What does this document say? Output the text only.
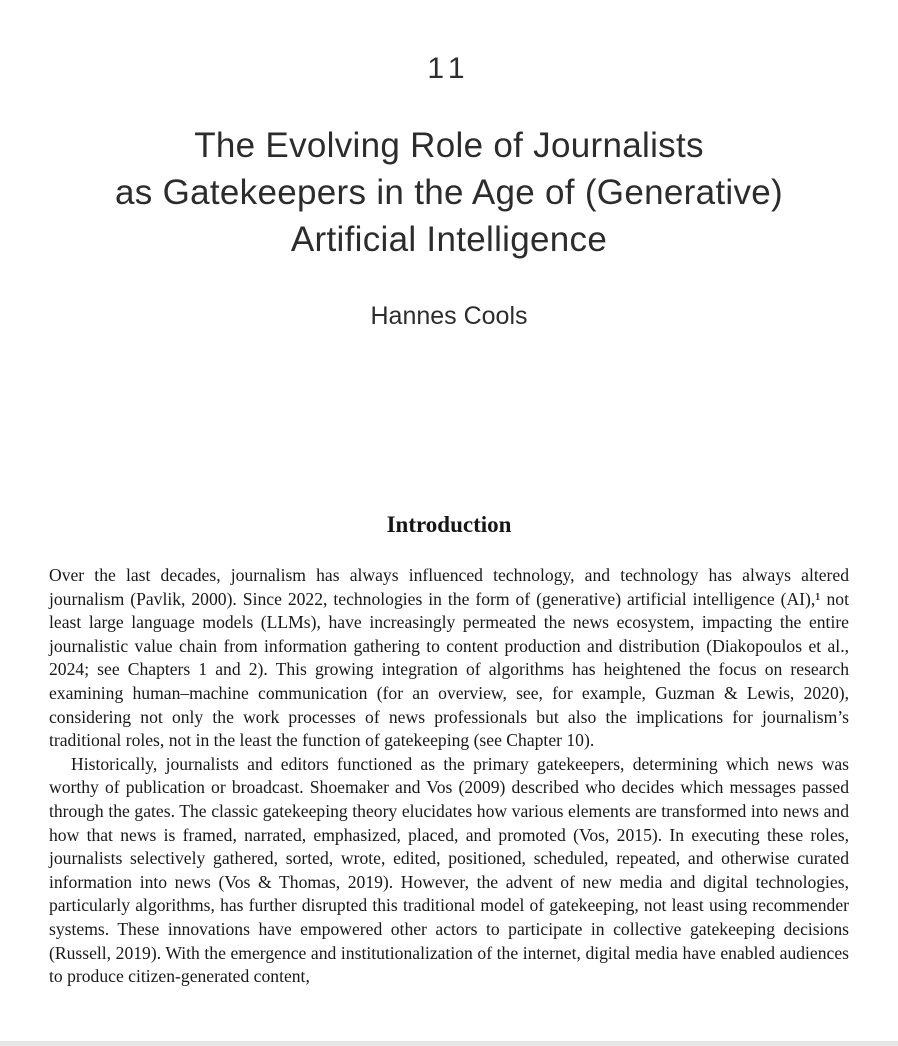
11
The Evolving Role of Journalists
as Gatekeepers in the Age of (Generative)
Artificial Intelligence
Hannes Cools
Introduction

Over the last decades, journalism has always influenced technology, and technology has always altered journalism (Pavlik, 2000). Since 2022, technologies in the form of (generative) artificial intelligence (AI),¹ not least large language models (LLMs), have increasingly permeated the news ecosystem, impacting the entire journalistic value chain from information gathering to content production and distribution (Diakopoulos et al., 2024; see Chapters 1 and 2). This growing integration of algorithms has heightened the focus on research examining human–machine communication (for an overview, see, for example, Guzman & Lewis, 2020), considering not only the work processes of news professionals but also the implications for journalism’s traditional roles, not in the least the function of gatekeeping (see Chapter 10).

Historically, journalists and editors functioned as the primary gatekeepers, determining which news was worthy of publication or broadcast. Shoemaker and Vos (2009) described who decides which messages passed through the gates. The classic gatekeeping theory elucidates how various elements are transformed into news and how that news is framed, narrated, emphasized, placed, and promoted (Vos, 2015). In executing these roles, journalists selectively gathered, sorted, wrote, edited, positioned, scheduled, repeated, and otherwise curated information into news (Vos & Thomas, 2019). However, the advent of new media and digital technologies, particularly algorithms, has further disrupted this traditional model of gatekeeping, not least using recommender systems. These innovations have empowered other actors to participate in collective gatekeeping decisions (Russell, 2019). With the emergence and institutionalization of the internet, digital media have enabled audiences to produce citizen-generated content,
